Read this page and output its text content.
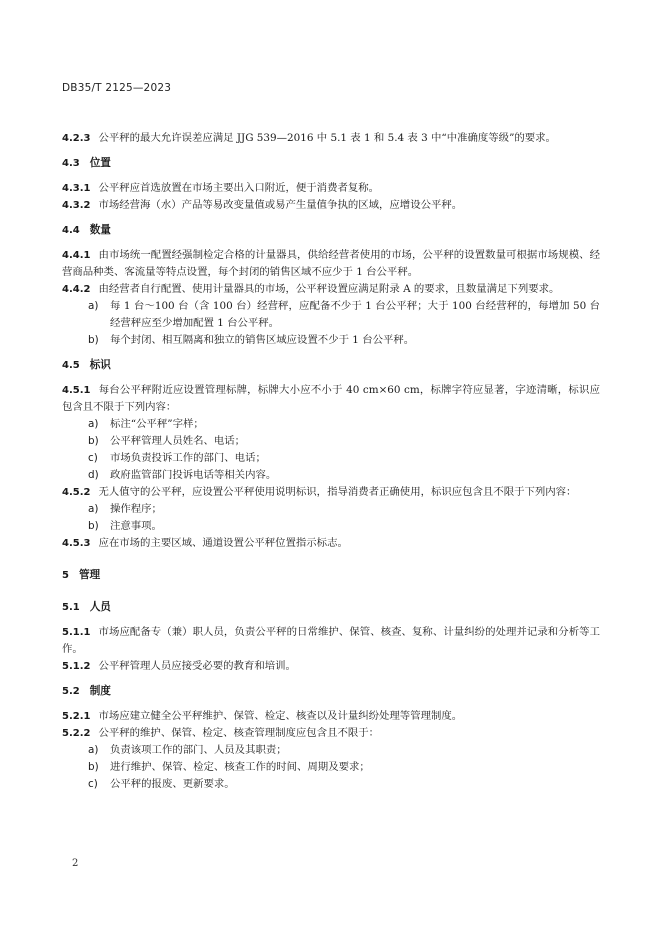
DB35/T 2125—2023

4.2.3 公平秤的最大允许误差应满足 JJG 539—2016 中 5.1 表 1 和 5.4 表 3 中“中准确度等级”的要求。

4.3 位置

4.3.1 公平秤应首选放置在市场主要出入口附近，便于消费者复称。

4.3.2 市场经营海（水）产品等易改变量值或易产生量值争执的区域，应增设公平秤。

4.4 数量

4.4.1 由市场统一配置经强制检定合格的计量器具，供给经营者使用的市场，公平秤的设置数量可根据市场规模、经营商品种类、客流量等特点设置，每个封闭的销售区域不应少于 1 台公平秤。

4.4.2 由经营者自行配置、使用计量器具的市场，公平秤设置应满足附录 A 的要求，且数量满足下列要求。

a)	每 1 台～100 台（含 100 台）经营秤，应配备不少于 1 台公平秤；大于 100 台经营秤的，每增加 50 台经营秤应至少增加配置 1 台公平秤。

b)	每个封闭、相互隔离和独立的销售区域应设置不少于 1 台公平秤。

4.5 标识

4.5.1 每台公平秤附近应设置管理标牌，标牌大小应不小于 40 cm×60 cm，标牌字符应显著，字迹清晰，标识应包含且不限于下列内容：

a)	标注“公平秤”字样；

b)	公平秤管理人员姓名、电话；

c)	市场负责投诉工作的部门、电话；

d)	政府监管部门投诉电话等相关内容。

4.5.2 无人值守的公平秤，应设置公平秤使用说明标识，指导消费者正确使用，标识应包含且不限于下列内容：

a)	操作程序；

b)	注意事项。

4.5.3 应在市场的主要区域、通道设置公平秤位置指示标志。

5 管理

5.1 人员

5.1.1 市场应配备专（兼）职人员，负责公平秤的日常维护、保管、核查、复称、计量纠纷的处理并记录和分析等工作。

5.1.2 公平秤管理人员应接受必要的教育和培训。

5.2 制度

5.2.1 市场应建立健全公平秤维护、保管、检定、核查以及计量纠纷处理等管理制度。

5.2.2 公平秤的维护、保管、检定、核查管理制度应包含且不限于：

a)	负责该项工作的部门、人员及其职责；

b)	进行维护、保管、检定、核查工作的时间、周期及要求；

c)	公平秤的报废、更新要求。

2
